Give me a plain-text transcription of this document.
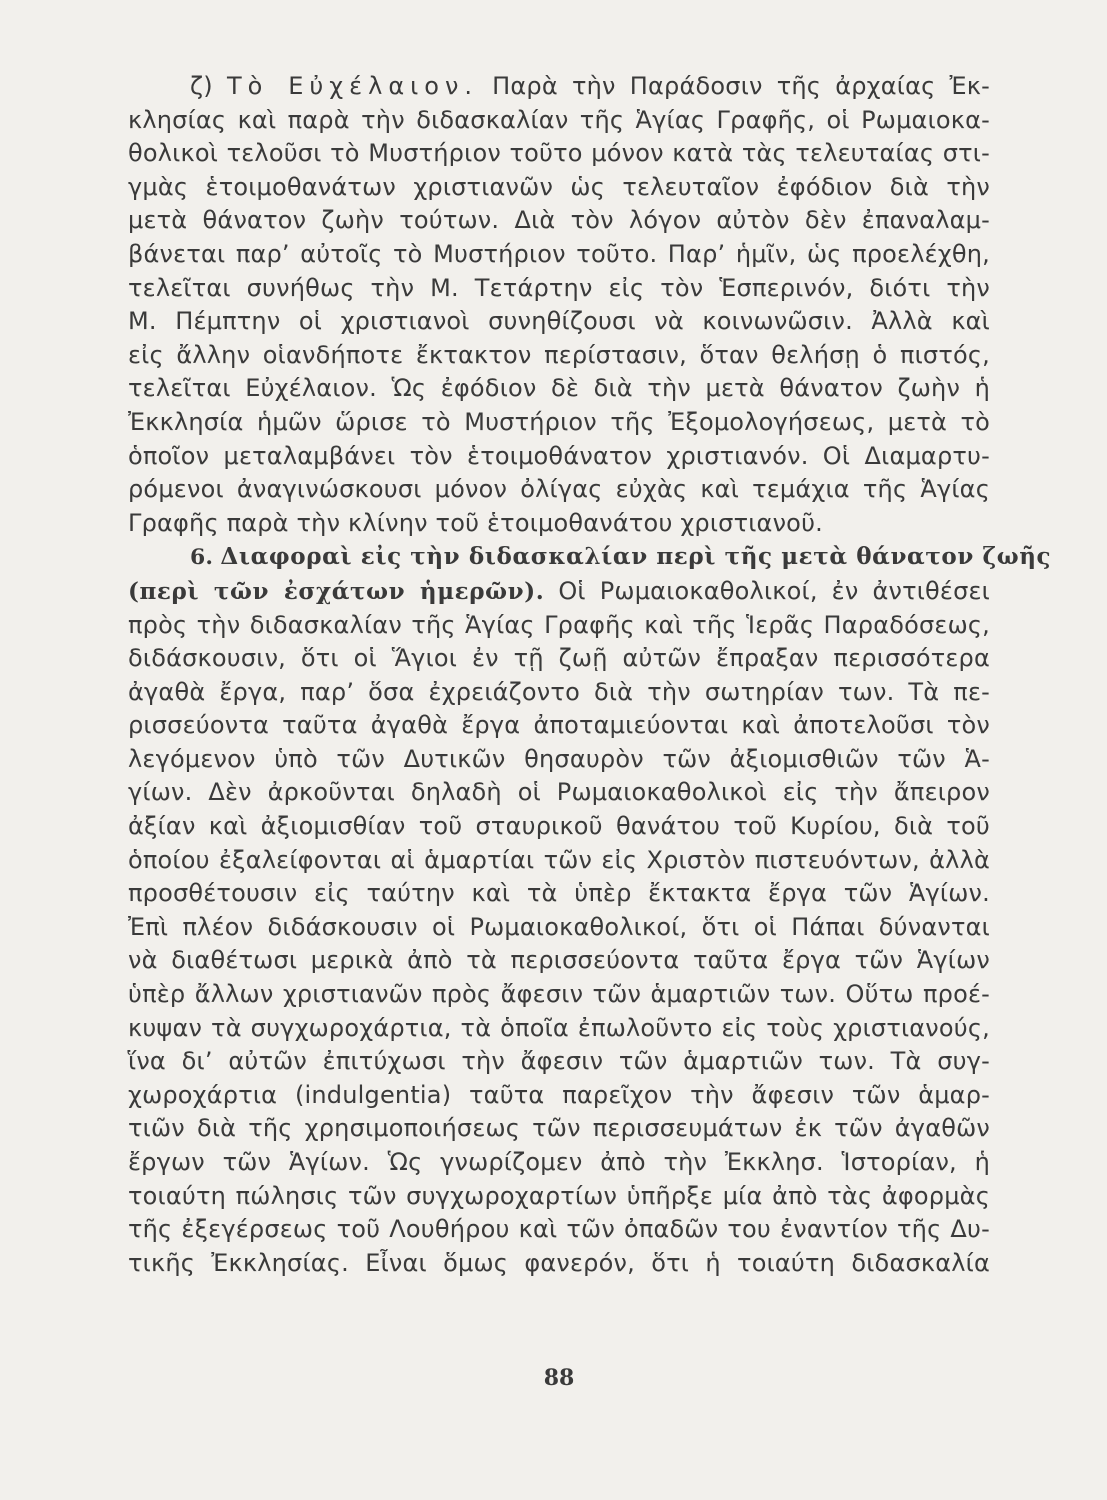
ζ) Τὸ Εὐχέλαιον. Παρὰ τὴν Παράδοσιν τῆς ἀρχαίας Ἐκ-
κλησίας καὶ παρὰ τὴν διδασκαλίαν τῆς Ἁγίας Γραφῆς, οἱ Ρωμαιοκα-
θολικοὶ τελοῦσι τὸ Μυστήριον τοῦτο μόνον κατὰ τὰς τελευταίας στι-
γμὰς ἑτοιμοθανάτων χριστιανῶν ὡς τελευταῖον ἐφόδιον διὰ τὴν
μετὰ θάνατον ζωὴν τούτων. Διὰ τὸν λόγον αὐτὸν δὲν ἐπαναλαμ-
βάνεται παρ’ αὐτοῖς τὸ Μυστήριον τοῦτο. Παρ’ ἡμῖν, ὡς προελέχθη,
τελεῖται συνήθως τὴν Μ. Τετάρτην εἰς τὸν Ἑσπερινόν, διότι τὴν
Μ. Πέμπτην οἱ χριστιανοὶ συνηθίζουσι νὰ κοινωνῶσιν. Ἀλλὰ καὶ
εἰς ἄλλην οἱανδήποτε ἔκτακτον περίστασιν, ὅταν θελήσῃ ὁ πιστός,
τελεῖται Εὐχέλαιον. Ὡς ἐφόδιον δὲ διὰ τὴν μετὰ θάνατον ζωὴν ἡ
Ἐκκλησία ἡμῶν ὥρισε τὸ Μυστήριον τῆς Ἐξομολογήσεως, μετὰ τὸ
ὁποῖον μεταλαμβάνει τὸν ἑτοιμοθάνατον χριστιανόν. Οἱ Διαμαρτυ-
ρόμενοι ἀναγινώσκουσι μόνον ὀλίγας εὐχὰς καὶ τεμάχια τῆς Ἁγίας
Γραφῆς παρὰ τὴν κλίνην τοῦ ἑτοιμοθανάτου χριστιανοῦ.
6. Διαφοραὶ εἰς τὴν διδασκαλίαν περὶ τῆς μετὰ θάνατον ζωῆς
(περὶ τῶν ἐσχάτων ἡμερῶν). Οἱ Ρωμαιοκαθολικοί, ἐν ἀντιθέσει
πρὸς τὴν διδασκαλίαν τῆς Ἁγίας Γραφῆς καὶ τῆς Ἱερᾶς Παραδόσεως,
διδάσκουσιν, ὅτι οἱ Ἅγιοι ἐν τῇ ζωῇ αὐτῶν ἔπραξαν περισσότερα
ἀγαθὰ ἔργα, παρ’ ὅσα ἐχρειάζοντο διὰ τὴν σωτηρίαν των. Τὰ πε-
ρισσεύοντα ταῦτα ἀγαθὰ ἔργα ἀποταμιεύονται καὶ ἀποτελοῦσι τὸν
λεγόμενον ὑπὸ τῶν Δυτικῶν θησαυρὸν τῶν ἀξιομισθιῶν τῶν Ἁ-
γίων. Δὲν ἀρκοῦνται δηλαδὴ οἱ Ρωμαιοκαθολικοὶ εἰς τὴν ἄπειρον
ἀξίαν καὶ ἀξιομισθίαν τοῦ σταυρικοῦ θανάτου τοῦ Κυρίου, διὰ τοῦ
ὁποίου ἐξαλείφονται αἱ ἁμαρτίαι τῶν εἰς Χριστὸν πιστευόντων, ἀλλὰ
προσθέτουσιν εἰς ταύτην καὶ τὰ ὑπὲρ ἔκτακτα ἔργα τῶν Ἁγίων.
Ἐπὶ πλέον διδάσκουσιν οἱ Ρωμαιοκαθολικοί, ὅτι οἱ Πάπαι δύνανται
νὰ διαθέτωσι μερικὰ ἀπὸ τὰ περισσεύοντα ταῦτα ἔργα τῶν Ἁγίων
ὑπὲρ ἄλλων χριστιανῶν πρὸς ἄφεσιν τῶν ἁμαρτιῶν των. Οὕτω προέ-
κυψαν τὰ συγχωροχάρτια, τὰ ὁποῖα ἐπωλοῦντο εἰς τοὺς χριστιανούς,
ἵνα δι’ αὐτῶν ἐπιτύχωσι τὴν ἄφεσιν τῶν ἁμαρτιῶν των. Τὰ συγ-
χωροχάρτια (indulgentia) ταῦτα παρεῖχον τὴν ἄφεσιν τῶν ἁμαρ-
τιῶν διὰ τῆς χρησιμοποιήσεως τῶν περισσευμάτων ἐκ τῶν ἀγαθῶν
ἔργων τῶν Ἁγίων. Ὡς γνωρίζομεν ἀπὸ τὴν Ἐκκλησ. Ἱστορίαν, ἡ
τοιαύτη πώλησις τῶν συγχωροχαρτίων ὑπῆρξε μία ἀπὸ τὰς ἀφορμὰς
τῆς ἐξεγέρσεως τοῦ Λουθήρου καὶ τῶν ὀπαδῶν του ἐναντίον τῆς Δυ-
τικῆς Ἐκκλησίας. Εἶναι ὅμως φανερόν, ὅτι ἡ τοιαύτη διδασκαλία
88
